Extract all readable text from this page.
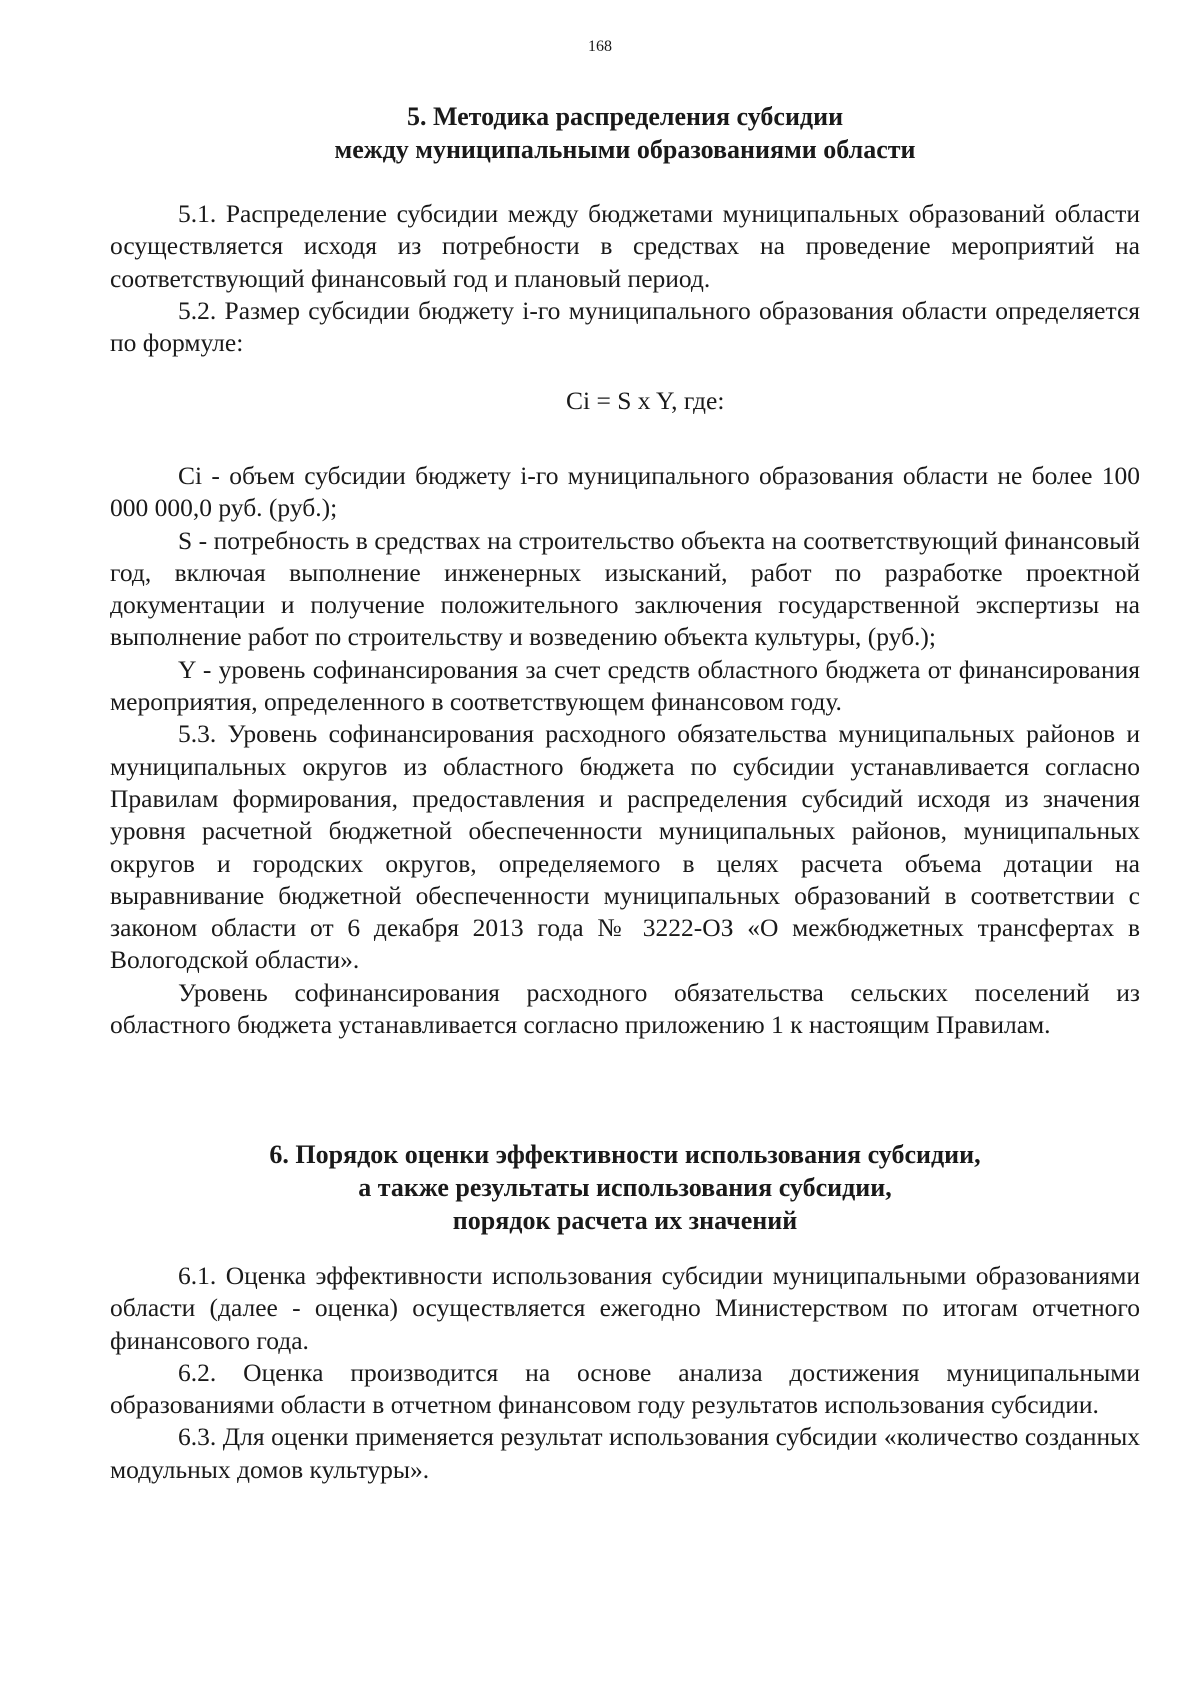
168
5. Методика распределения субсидии
между муниципальными образованиями области

5.1. Распределение субсидии между бюджетами муниципальных образований области осуществляется исходя из потребности в средствах на проведение мероприятий на соответствующий финансовый год и плановый период.

5.2. Размер субсидии бюджету i-го муниципального образования области определяется по формуле:

Ci = S x Y, где:

Ci - объем субсидии бюджету i-го муниципального образования области не более 100 000 000,0 руб. (руб.);

S - потребность в средствах на строительство объекта на соответствующий финансовый год, включая выполнение инженерных изысканий, работ по разработке проектной документации и получение положительного заключения государственной экспертизы на выполнение работ по строительству и возведению объекта культуры, (руб.);

Y - уровень софинансирования за счет средств областного бюджета от финансирования мероприятия, определенного в соответствующем финансовом году.

5.3. Уровень софинансирования расходного обязательства муниципальных районов и муниципальных округов из областного бюджета по субсидии устанавливается согласно Правилам формирования, предоставления и распределения субсидий исходя из значения уровня расчетной бюджетной обеспеченности муниципальных районов, муниципальных округов и городских округов, определяемого в целях расчета объема дотации на выравнивание бюджетной обеспеченности муниципальных образований в соответствии с законом области от 6 декабря 2013 года № 3222-ОЗ «О межбюджетных трансфертах в Вологодской области».

Уровень софинансирования расходного обязательства сельских поселений из областного бюджета устанавливается согласно приложению 1 к настоящим Правилам.

6. Порядок оценки эффективности использования субсидии,
а также результаты использования субсидии,
порядок расчета их значений

6.1. Оценка эффективности использования субсидии муниципальными образованиями области (далее - оценка) осуществляется ежегодно Министерством по итогам отчетного финансового года.

6.2. Оценка производится на основе анализа достижения муниципальными образованиями области в отчетном финансовом году результатов использования субсидии.

6.3. Для оценки применяется результат использования субсидии «количество созданных модульных домов культуры».
